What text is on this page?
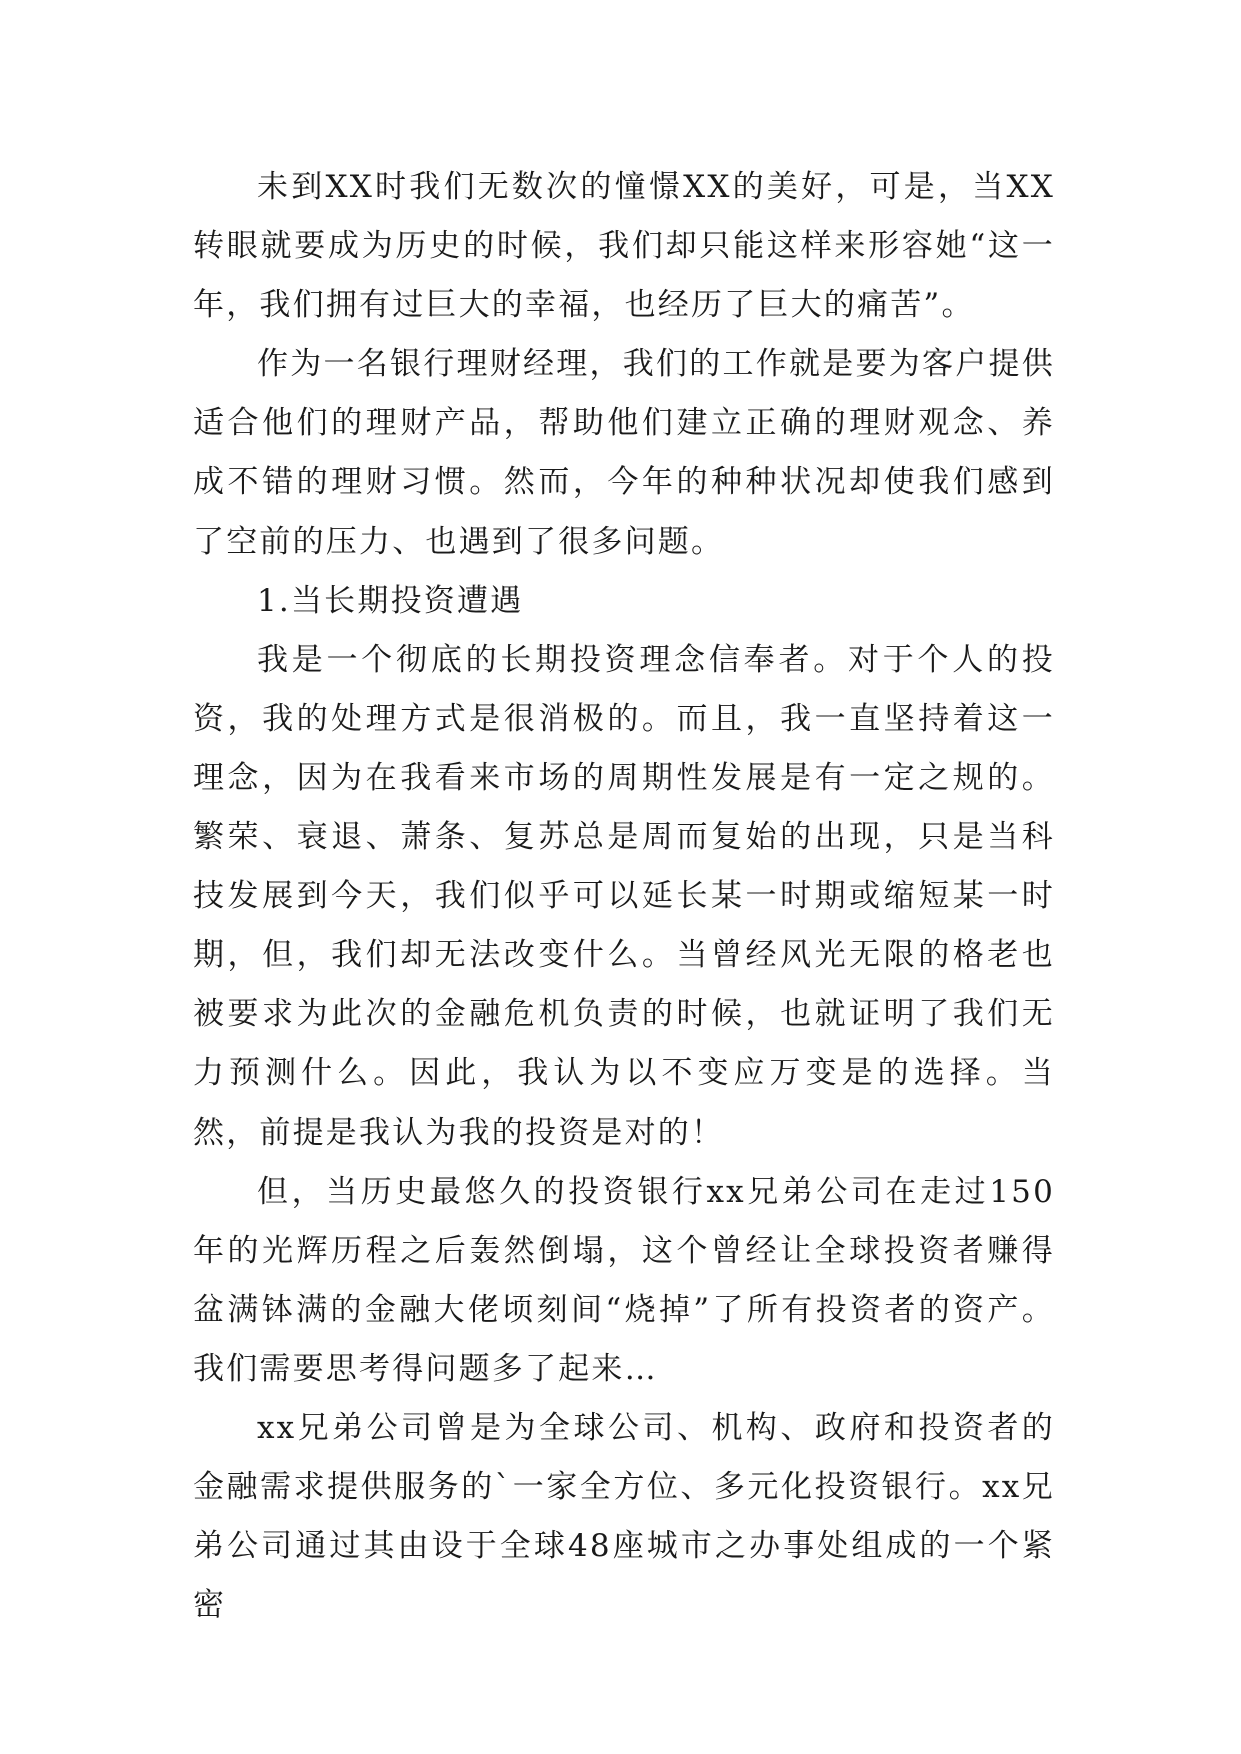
未到XX时我们无数次的憧憬XX的美好，可是，当XX转眼就要成为历史的时候，我们却只能这样来形容她“这一年，我们拥有过巨大的幸福，也经历了巨大的痛苦”。

作为一名银行理财经理，我们的工作就是要为客户提供适合他们的理财产品，帮助他们建立正确的理财观念、养成不错的理财习惯。然而，今年的种种状况却使我们感到了空前的压力、也遇到了很多问题。

1.当长期投资遭遇

我是一个彻底的长期投资理念信奉者。对于个人的投资，我的处理方式是很消极的。而且，我一直坚持着这一理念，因为在我看来市场的周期性发展是有一定之规的。繁荣、衰退、萧条、复苏总是周而复始的出现，只是当科技发展到今天，我们似乎可以延长某一时期或缩短某一时期，但，我们却无法改变什么。当曾经风光无限的格老也被要求为此次的金融危机负责的时候，也就证明了我们无力预测什么。因此，我认为以不变应万变是的选择。当然，前提是我认为我的投资是对的！

但，当历史最悠久的投资银行xx兄弟公司在走过150年的光辉历程之后轰然倒塌，这个曾经让全球投资者赚得盆满钵满的金融大佬顷刻间“烧掉”了所有投资者的资产。我们需要思考得问题多了起来…

xx兄弟公司曾是为全球公司、机构、政府和投资者的金融需求提供服务的`一家全方位、多元化投资银行。xx兄弟公司通过其由设于全球48座城市之办事处组成的一个紧密
